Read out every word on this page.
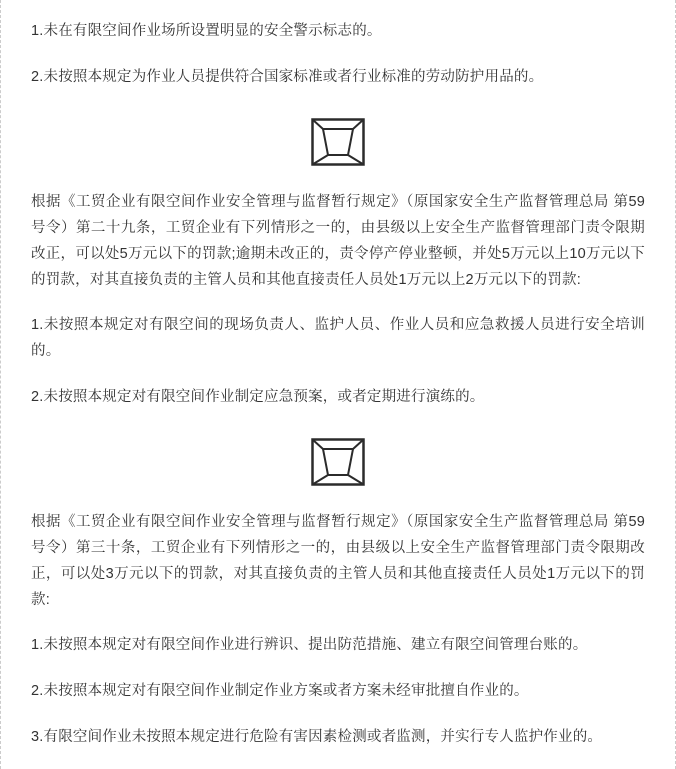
1.未在有限空间作业场所设置明显的安全警示标志的。

2.未按照本规定为作业人员提供符合国家标准或者行业标准的劳动防护用品的。

根据《工贸企业有限空间作业安全管理与监督暂行规定》（原国家安全生产监督管理总局 第59号令）第二十九条，工贸企业有下列情形之一的，由县级以上安全生产监督管理部门责令限期改正，可以处5万元以下的罚款;逾期未改正的，责令停产停业整顿，并处5万元以上10万元以下的罚款，对其直接负责的主管人员和其他直接责任人员处1万元以上2万元以下的罚款:

1.未按照本规定对有限空间的现场负责人、监护人员、作业人员和应急救援人员进行安全培训的。

2.未按照本规定对有限空间作业制定应急预案，或者定期进行演练的。

根据《工贸企业有限空间作业安全管理与监督暂行规定》（原国家安全生产监督管理总局 第59号令）第三十条，工贸企业有下列情形之一的，由县级以上安全生产监督管理部门责令限期改正，可以处3万元以下的罚款，对其直接负责的主管人员和其他直接责任人员处1万元以下的罚款:

1.未按照本规定对有限空间作业进行辨识、提出防范措施、建立有限空间管理台账的。

2.未按照本规定对有限空间作业制定作业方案或者方案未经审批擅自作业的。

3.有限空间作业未按照本规定进行危险有害因素检测或者监测，并实行专人监护作业的。
